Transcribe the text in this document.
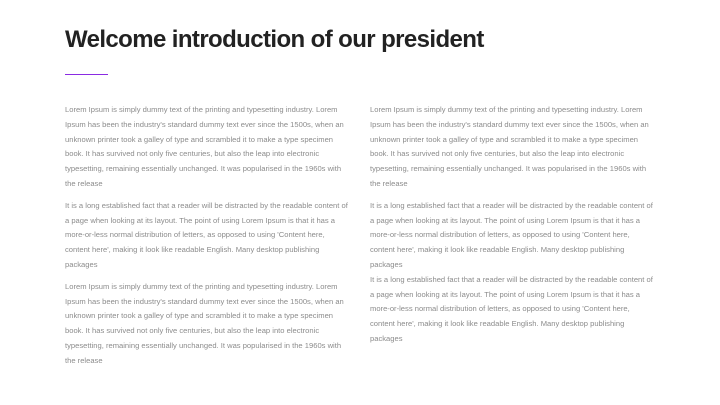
Welcome introduction of our president

Lorem Ipsum is simply dummy text of the printing and typesetting industry. Lorem Ipsum has been the industry's standard dummy text ever since the 1500s, when an unknown printer took a galley of type and scrambled it to make a type specimen book. It has survived not only five centuries, but also the leap into electronic typesetting, remaining essentially unchanged. It was popularised in the 1960s with the release

It is a long established fact that a reader will be distracted by the readable content of a page when looking at its layout. The point of using Lorem Ipsum is that it has a more-or-less normal distribution of letters, as opposed to using 'Content here, content here', making it look like readable English. Many desktop publishing packages

Lorem Ipsum is simply dummy text of the printing and typesetting industry. Lorem Ipsum has been the industry's standard dummy text ever since the 1500s, when an unknown printer took a galley of type and scrambled it to make a type specimen book. It has survived not only five centuries, but also the leap into electronic typesetting, remaining essentially unchanged. It was popularised in the 1960s with the release

Lorem Ipsum is simply dummy text of the printing and typesetting industry. Lorem Ipsum has been the industry's standard dummy text ever since the 1500s, when an unknown printer took a galley of type and scrambled it to make a type specimen book. It has survived not only five centuries, but also the leap into electronic typesetting, remaining essentially unchanged. It was popularised in the 1960s with the release

It is a long established fact that a reader will be distracted by the readable content of a page when looking at its layout. The point of using Lorem Ipsum is that it has a more-or-less normal distribution of letters, as opposed to using 'Content here, content here', making it look like readable English. Many desktop publishing packages

It is a long established fact that a reader will be distracted by the readable content of a page when looking at its layout. The point of using Lorem Ipsum is that it has a more-or-less normal distribution of letters, as opposed to using 'Content here, content here', making it look like readable English. Many desktop publishing packages
